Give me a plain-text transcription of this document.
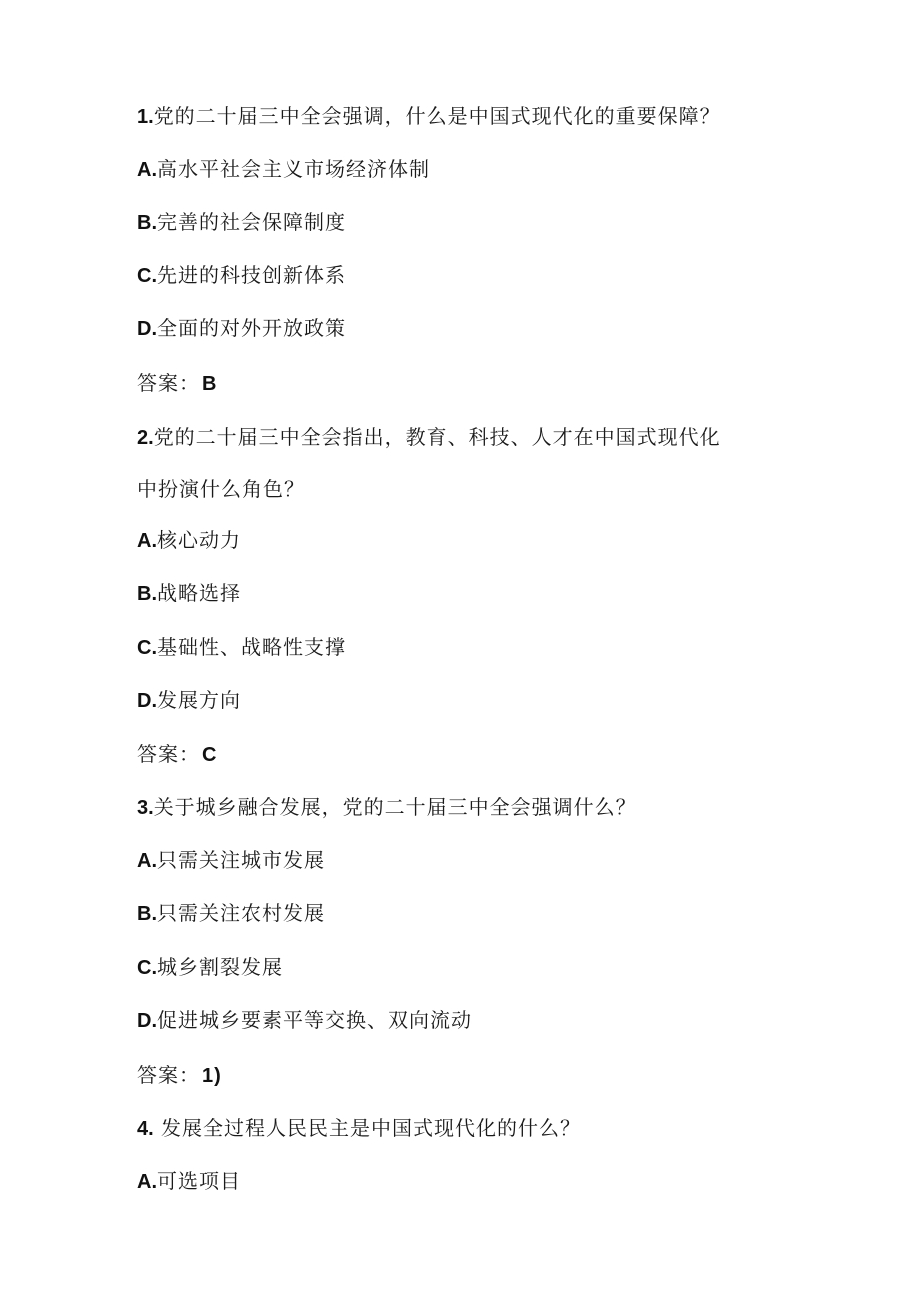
1.党的二十届三中全会强调，什么是中国式现代化的重要保障？
A.高水平社会主义市场经济体制
B.完善的社会保障制度
C.先进的科技创新体系
D.全面的对外开放政策
答案： B
2.党的二十届三中全会指出，教育、科技、人才在中国式现代化
中扮演什么角色？
A.核心动力
B.战略选择
C.基础性、战略性支撑
D.发展方向
答案： C
3.关于城乡融合发展，党的二十届三中全会强调什么？
A.只需关注城市发展
B.只需关注农村发展
C.城乡割裂发展
D.促进城乡要素平等交换、双向流动
答案： 1)
4. 发展全过程人民民主是中国式现代化的什么？
A.可选项目
